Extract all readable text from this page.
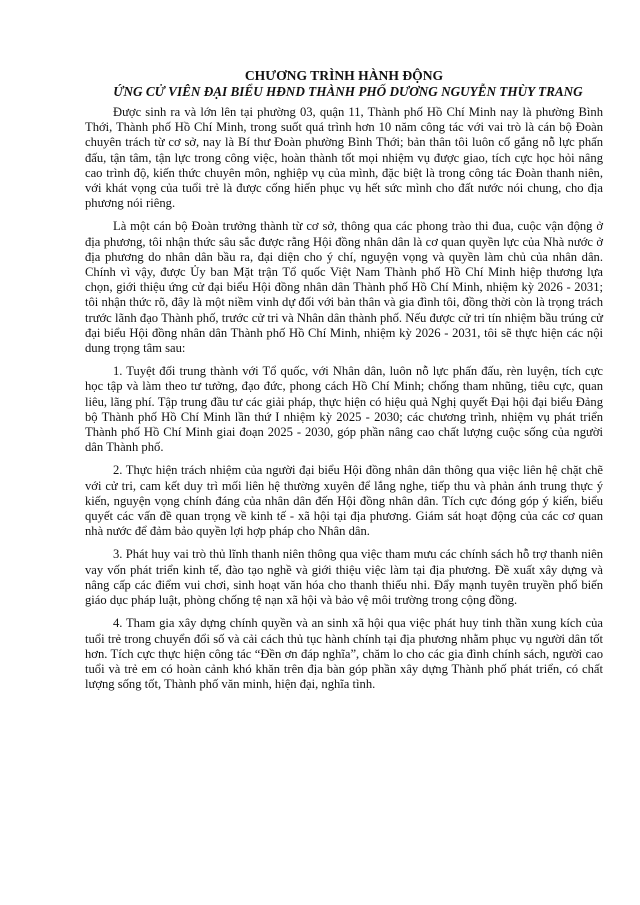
CHƯƠNG TRÌNH HÀNH ĐỘNG
ỨNG CỬ VIÊN ĐẠI BIỂU HĐND THÀNH PHỐ DƯƠNG NGUYỄN THÙY TRANG

Được sinh ra và lớn lên tại phường 03, quận 11, Thành phố Hồ Chí Minh nay là phường Bình Thới, Thành phố Hồ Chí Minh, trong suốt quá trình hơn 10 năm công tác với vai trò là cán bộ Đoàn chuyên trách từ cơ sở, nay là Bí thư Đoàn phường Bình Thới; bản thân tôi luôn cố gắng nỗ lực phấn đấu, tận tâm, tận lực trong công việc, hoàn thành tốt mọi nhiệm vụ được giao, tích cực học hỏi nâng cao trình độ, kiến thức chuyên môn, nghiệp vụ của mình, đặc biệt là trong công tác Đoàn thanh niên, với khát vọng của tuổi trẻ là được cống hiến phục vụ hết sức mình cho đất nước nói chung, cho địa phương nói riêng.

Là một cán bộ Đoàn trưởng thành từ cơ sở, thông qua các phong trào thi đua, cuộc vận động ở địa phương, tôi nhận thức sâu sắc được rằng Hội đồng nhân dân là cơ quan quyền lực của Nhà nước ở địa phương do nhân dân bầu ra, đại diện cho ý chí, nguyện vọng và quyền làm chủ của nhân dân. Chính vì vậy, được Ủy ban Mặt trận Tổ quốc Việt Nam Thành phố Hồ Chí Minh hiệp thương lựa chọn, giới thiệu ứng cử đại biểu Hội đồng nhân dân Thành phố Hồ Chí Minh, nhiệm kỳ 2026 - 2031; tôi nhận thức rõ, đây là một niềm vinh dự đối với bản thân và gia đình tôi, đồng thời còn là trọng trách trước lãnh đạo Thành phố, trước cử tri và Nhân dân thành phố. Nếu được cử tri tín nhiệm bầu trúng cử đại biểu Hội đồng nhân dân Thành phố Hồ Chí Minh, nhiệm kỳ 2026 - 2031, tôi sẽ thực hiện các nội dung trọng tâm sau:

1. Tuyệt đối trung thành với Tổ quốc, với Nhân dân, luôn nỗ lực phấn đấu, rèn luyện, tích cực học tập và làm theo tư tưởng, đạo đức, phong cách Hồ Chí Minh; chống tham nhũng, tiêu cực, quan liêu, lãng phí. Tập trung đầu tư các giải pháp, thực hiện có hiệu quả Nghị quyết Đại hội đại biểu Đảng bộ Thành phố Hồ Chí Minh lần thứ I nhiệm kỳ 2025 - 2030; các chương trình, nhiệm vụ phát triển Thành phố Hồ Chí Minh giai đoạn 2025 - 2030, góp phần nâng cao chất lượng cuộc sống của người dân Thành phố.

2. Thực hiện trách nhiệm của người đại biểu Hội đồng nhân dân thông qua việc liên hệ chặt chẽ với cử tri, cam kết duy trì mối liên hệ thường xuyên để lắng nghe, tiếp thu và phản ánh trung thực ý kiến, nguyện vọng chính đáng của nhân dân đến Hội đồng nhân dân. Tích cực đóng góp ý kiến, biểu quyết các vấn đề quan trọng về kinh tế - xã hội tại địa phương. Giám sát hoạt động của các cơ quan nhà nước để đảm bảo quyền lợi hợp pháp cho Nhân dân.

3. Phát huy vai trò thủ lĩnh thanh niên thông qua việc tham mưu các chính sách hỗ trợ thanh niên vay vốn phát triển kinh tế, đào tạo nghề và giới thiệu việc làm tại địa phương. Đề xuất xây dựng và nâng cấp các điểm vui chơi, sinh hoạt văn hóa cho thanh thiếu nhi. Đẩy mạnh tuyên truyền phổ biến giáo dục pháp luật, phòng chống tệ nạn xã hội và bảo vệ môi trường trong cộng đồng.

4. Tham gia xây dựng chính quyền và an sinh xã hội qua việc phát huy tinh thần xung kích của tuổi trẻ trong chuyển đổi số và cải cách thủ tục hành chính tại địa phương nhằm phục vụ người dân tốt hơn. Tích cực thực hiện công tác “Đền ơn đáp nghĩa”, chăm lo cho các gia đình chính sách, người cao tuổi và trẻ em có hoàn cảnh khó khăn trên địa bàn góp phần xây dựng Thành phố phát triển, có chất lượng sống tốt, Thành phố văn minh, hiện đại, nghĩa tình.
